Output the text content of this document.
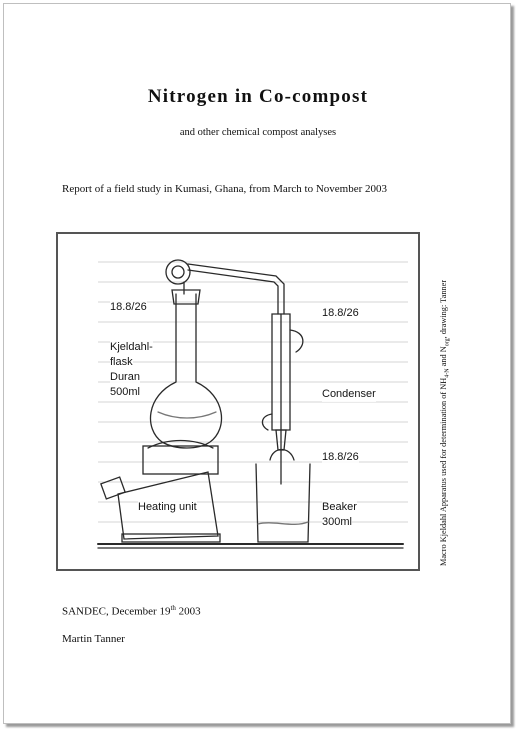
Nitrogen in Co-compost
and other chemical compost analyses
Report of a field study in Kumasi, Ghana, from March to November 2003
18.8/26
Kjeldahl-
flask
Duran
500ml
18.8/26
Condenser
18.8/26
Heating unit	Beaker
300ml	Macro Kjeldahl Apparatus used for determination of $NH_{4-N}$ and $N_{org}$, drawing: Tanner
SANDEC, December 19th 2003
Martin Tanner
